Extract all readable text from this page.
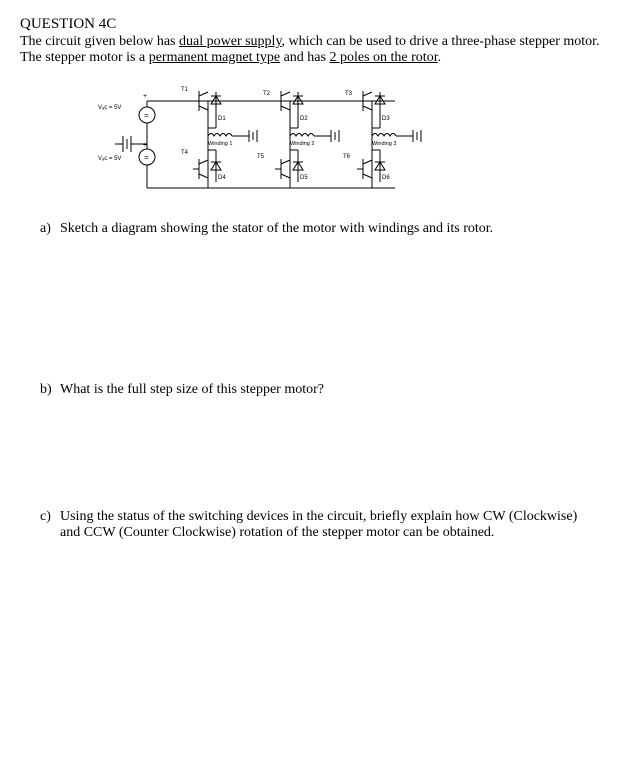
QUESTION 4C
The circuit given below has dual power supply, which can be used to drive a three-phase stepper motor. The stepper motor is a permanent magnet type and has 2 poles on the rotor.
Vₐc = 5V
Vₐc = 5V
=
=
+
+
T1
T2	T3
T4
T5	T6
D1	D2	D3
D4	D5	D6
Winding 1	Winding 2	Winding 3
a) Sketch a diagram showing the stator of the motor with windings and its rotor.
b) What is the full step size of this stepper motor?
c) Using the status of the switching devices in the circuit, briefly explain how CW (Clockwise) and CCW (Counter Clockwise) rotation of the stepper motor can be obtained.
